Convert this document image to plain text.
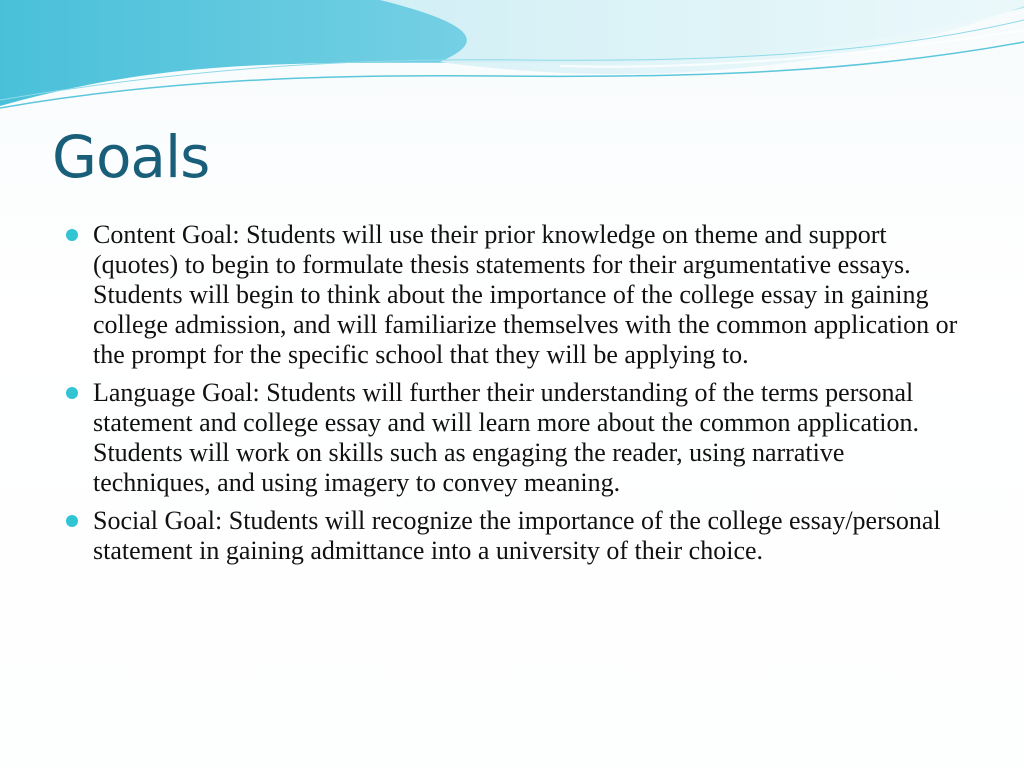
Goals
Content Goal: Students will use their prior knowledge on theme and support (quotes) to begin to formulate thesis statements for their argumentative essays. Students will begin to think about the importance of the college essay in gaining college admission, and will familiarize themselves with the common application or the prompt for the specific school that they will be applying to.
Language Goal: Students will further their understanding of the terms personal statement and college essay and will learn more about the common application. Students will work on skills such as engaging the reader, using narrative techniques, and using imagery to convey meaning.
Social Goal: Students will recognize the importance of the college essay/personal statement in gaining admittance into a university of their choice.
